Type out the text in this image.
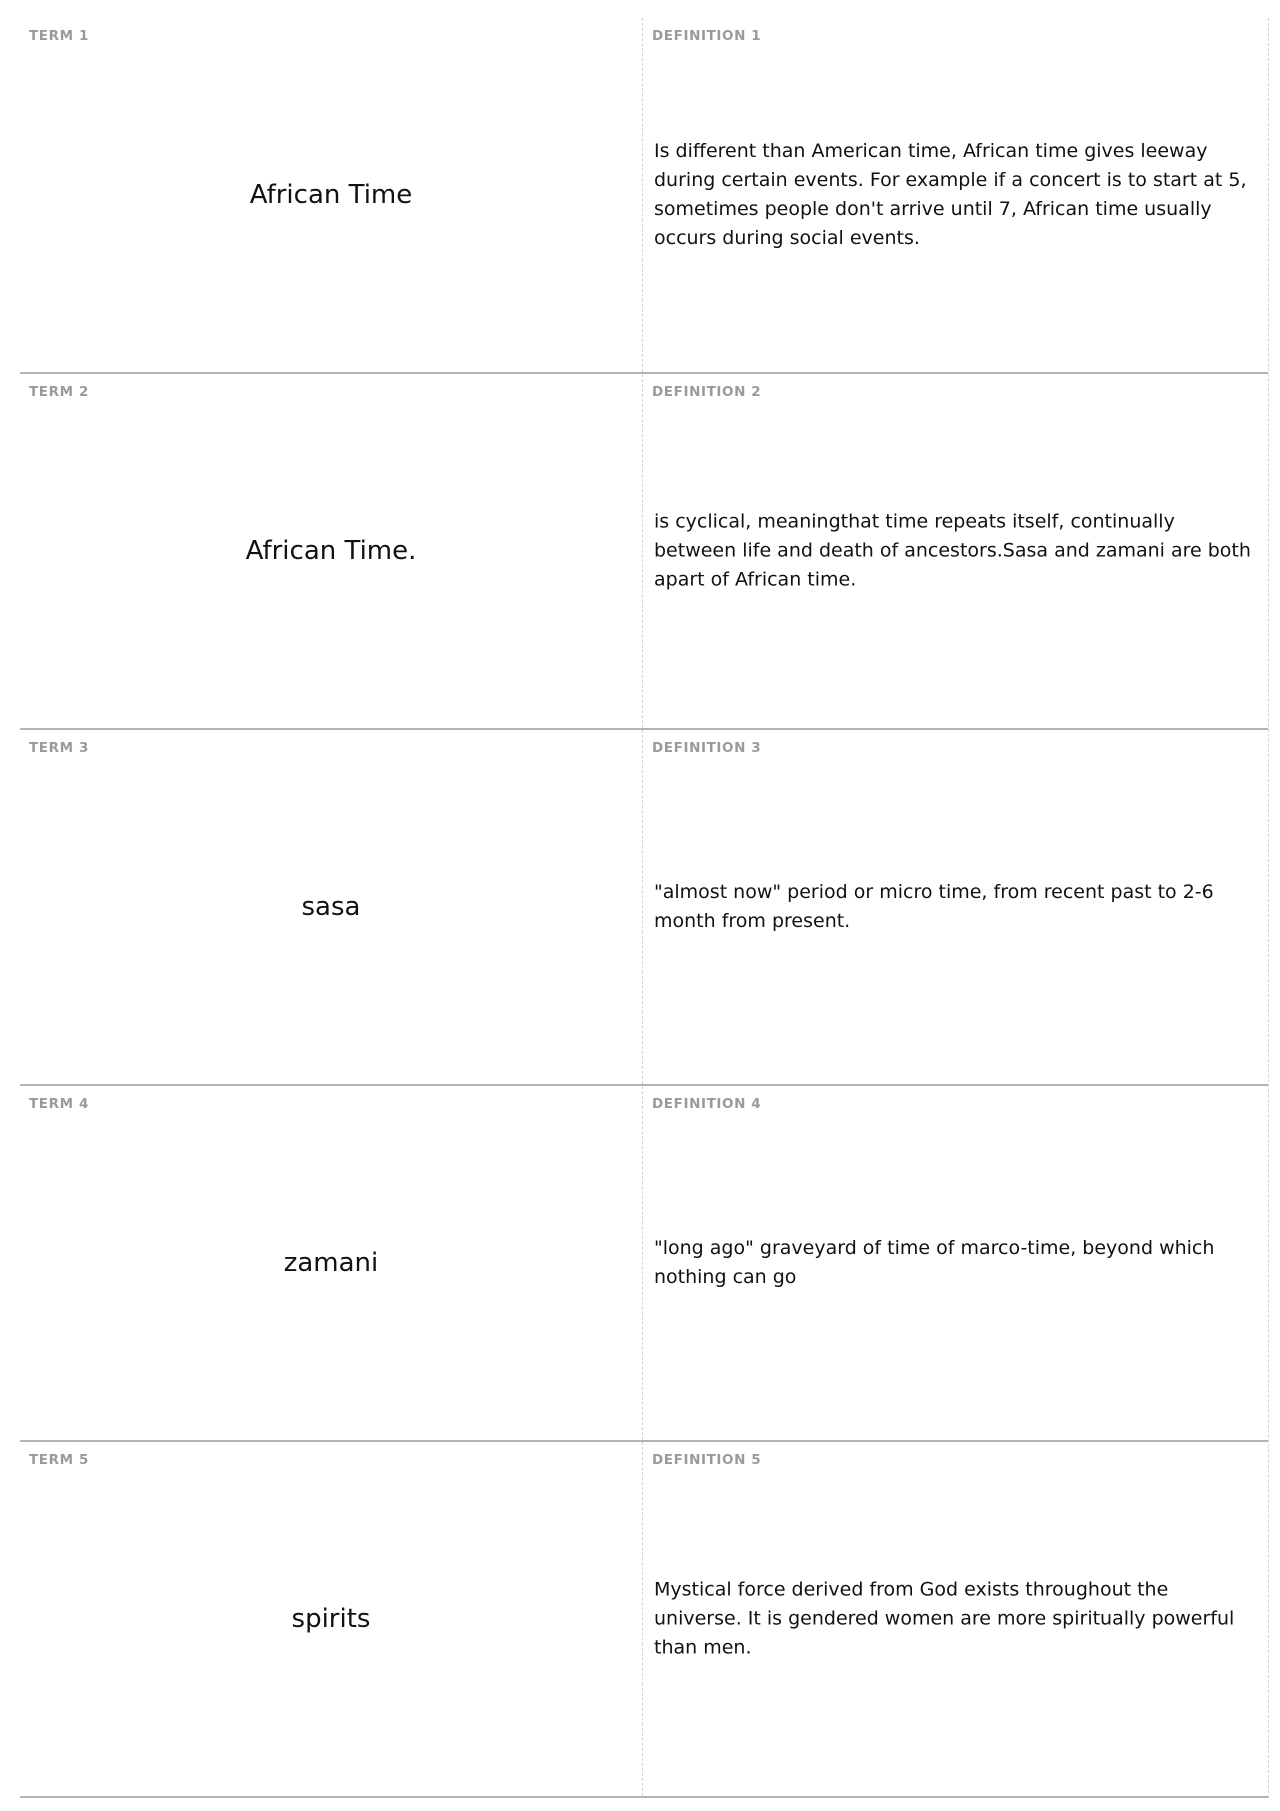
TERM 1
African Time
DEFINITION 1
Is different than American time, African time gives leeway during certain events. For example if a concert is to start at 5, sometimes people don't arrive until 7, African time usually occurs during social events.
TERM 2
African Time.
DEFINITION 2
is cyclical, meaningthat time repeats itself, continually between life and death of ancestors.Sasa and zamani are both apart of African time.
TERM 3
sasa
DEFINITION 3
"almost now" period or micro time, from recent past to 2-6 month from present.
TERM 4
zamani
DEFINITION 4
"long ago" graveyard of time of marco-time, beyond which nothing can go
TERM 5
spirits
DEFINITION 5
Mystical force derived from God exists throughout the universe. It is gendered women are more spiritually powerful than men.
